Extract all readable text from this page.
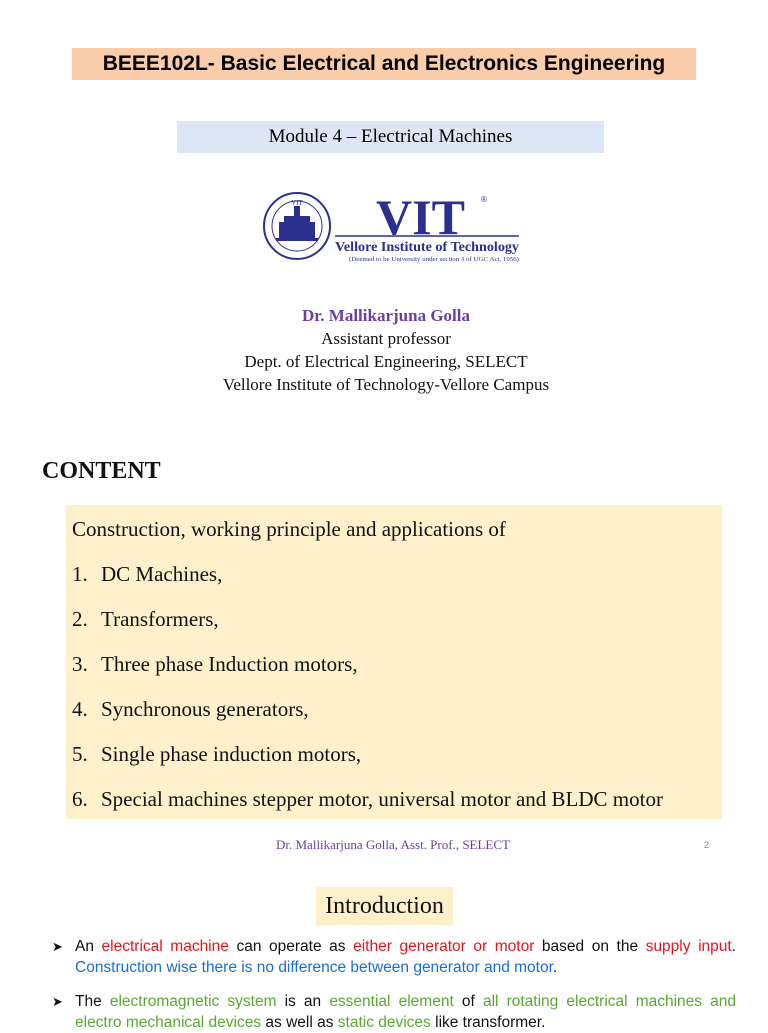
BEEE102L- Basic Electrical and Electronics Engineering
Module 4 – Electrical Machines
VIT VIT ®
Vellore Institute of Technology
(Deemed to be University under section 3 of UGC Act, 1956)
Dr. Mallikarjuna Golla
Assistant professor
Dept. of Electrical Engineering, SELECT
Vellore Institute of Technology-Vellore Campus
CONTENT
Construction, working principle and applications of
1. DC Machines,
2. Transformers,
3. Three phase Induction motors,
4. Synchronous generators,
5. Single phase induction motors,
6. Special machines stepper motor, universal motor and BLDC motor
Dr. Mallikarjuna Golla, Asst. Prof., SELECT	2
Introduction
➤ An electrical machine can operate as either generator or motor based on the supply input. Construction wise there is no difference between generator and motor.
➤ The electromagnetic system is an essential element of all rotating electrical machines and electro mechanical devices as well as static devices like transformer.
